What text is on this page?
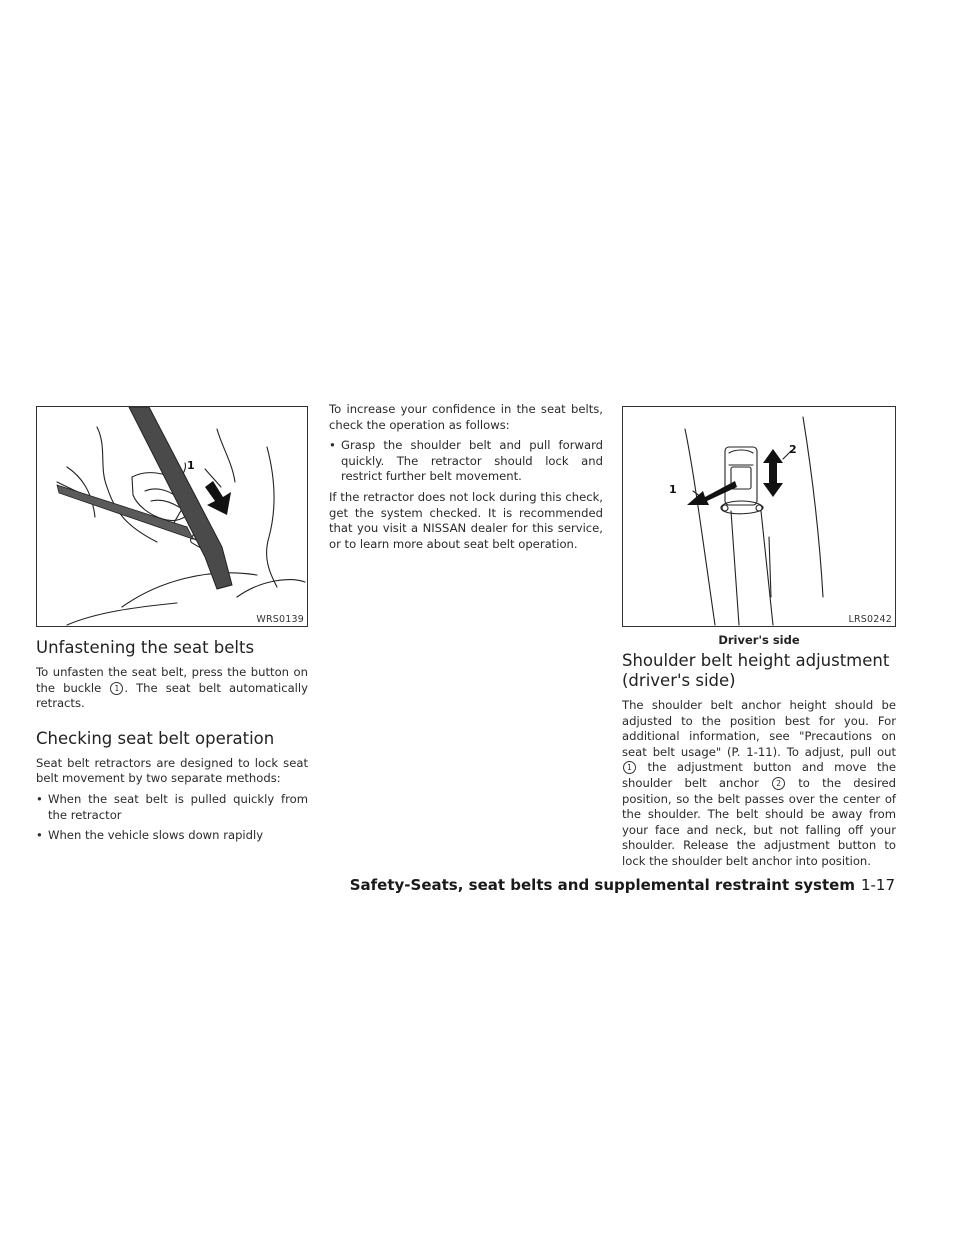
1
WRS0139
Unfastening the seat belts

To unfasten the seat belt, press the button on the buckle 1 . The seat belt automatically retracts.

Checking seat belt operation

Seat belt retractors are designed to lock seat belt movement by two separate methods:

• When the seat belt is pulled quickly from the retractor
• When the vehicle slows down rapidly

To increase your confidence in the seat belts, check the operation as follows:

• Grasp the shoulder belt and pull forward quickly. The retractor should lock and restrict further belt movement.

If the retractor does not lock during this check, get the system checked. It is recommended that you visit a NISSAN dealer for this service, or to learn more about seat belt operation.

1
2
LRS0242
Driver's side
Shoulder belt height adjustment (driver's side)

The shoulder belt anchor height should be adjusted to the position best for you. For additional information, see "Precautions on seat belt usage" (P. 1-11). To adjust, pull out 1 the adjustment button and move the shoulder belt anchor 2 to the desired position, so the belt passes over the center of the shoulder. The belt should be away from your face and neck, but not falling off your shoulder. Release the adjustment button to lock the shoulder belt anchor into position.

Safety-Seats, seat belts and supplemental restraint system 1-17
